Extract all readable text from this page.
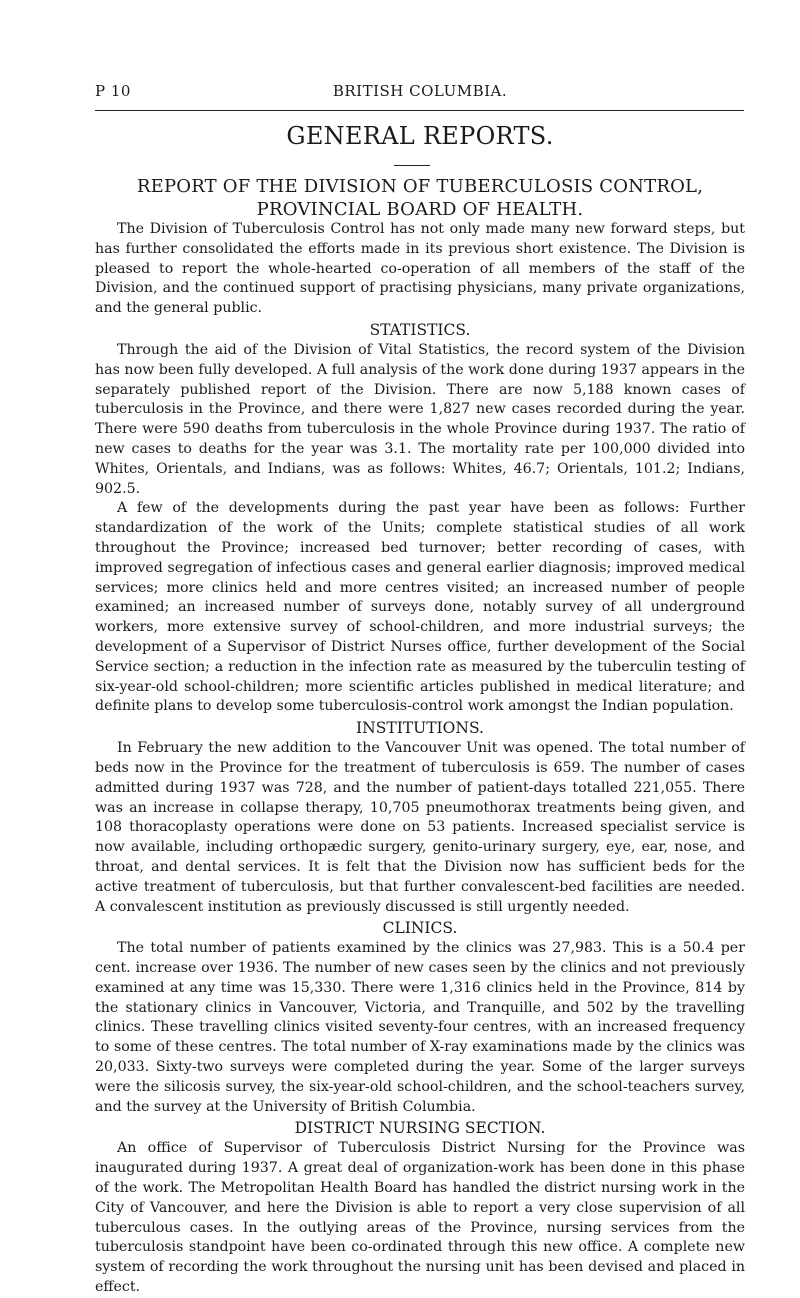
P 10	BRITISH COLUMBIA.
GENERAL REPORTS.
REPORT OF THE DIVISION OF TUBERCULOSIS CONTROL,
PROVINCIAL BOARD OF HEALTH.

The Division of Tuberculosis Control has not only made many new forward steps, but has further consolidated the efforts made in its previous short existence. The Division is pleased to report the whole-hearted co-operation of all members of the staff of the Division, and the continued support of practising physicians, many private organizations, and the general public.

STATISTICS.

Through the aid of the Division of Vital Statistics, the record system of the Division has now been fully developed. A full analysis of the work done during 1937 appears in the separately published report of the Division. There are now 5,188 known cases of tuberculosis in the Province, and there were 1,827 new cases recorded during the year. There were 590 deaths from tuberculosis in the whole Province during 1937. The ratio of new cases to deaths for the year was 3.1. The mortality rate per 100,000 divided into Whites, Orientals, and Indians, was as follows: Whites, 46.7; Orientals, 101.2; Indians, 902.5.

A few of the developments during the past year have been as follows: Further standardization of the work of the Units; complete statistical studies of all work throughout the Province; increased bed turnover; better recording of cases, with improved segregation of infectious cases and general earlier diagnosis; improved medical services; more clinics held and more centres visited; an increased number of people examined; an increased number of surveys done, notably survey of all underground workers, more extensive survey of school-children, and more industrial surveys; the development of a Supervisor of District Nurses office, further development of the Social Service section; a reduction in the infection rate as measured by the tuberculin testing of six-year-old school-children; more scientific articles published in medical literature; and definite plans to develop some tuberculosis-control work amongst the Indian population.

INSTITUTIONS.

In February the new addition to the Vancouver Unit was opened. The total number of beds now in the Province for the treatment of tuberculosis is 659. The number of cases admitted during 1937 was 728, and the number of patient-days totalled 221,055. There was an increase in collapse therapy, 10,705 pneumothorax treatments being given, and 108 thoracoplasty operations were done on 53 patients. Increased specialist service is now available, including orthopædic surgery, genito-urinary surgery, eye, ear, nose, and throat, and dental services. It is felt that the Division now has sufficient beds for the active treatment of tuberculosis, but that further convalescent-bed facilities are needed. A convalescent institution as previously discussed is still urgently needed.

CLINICS.

The total number of patients examined by the clinics was 27,983. This is a 50.4 per cent. increase over 1936. The number of new cases seen by the clinics and not previously examined at any time was 15,330. There were 1,316 clinics held in the Province, 814 by the stationary clinics in Vancouver, Victoria, and Tranquille, and 502 by the travelling clinics. These travelling clinics visited seventy-four centres, with an increased frequency to some of these centres. The total number of X-ray examinations made by the clinics was 20,033. Sixty-two surveys were completed during the year. Some of the larger surveys were the silicosis survey, the six-year-old school-children, and the school-teachers survey, and the survey at the University of British Columbia.

DISTRICT NURSING SECTION.

An office of Supervisor of Tuberculosis District Nursing for the Province was inaugurated during 1937. A great deal of organization-work has been done in this phase of the work. The Metropolitan Health Board has handled the district nursing work in the City of Vancouver, and here the Division is able to report a very close supervision of all tuberculous cases. In the outlying areas of the Province, nursing services from the tuberculosis standpoint have been co-ordinated through this new office. A complete new system of recording the work throughout the nursing unit has been devised and placed in effect.
